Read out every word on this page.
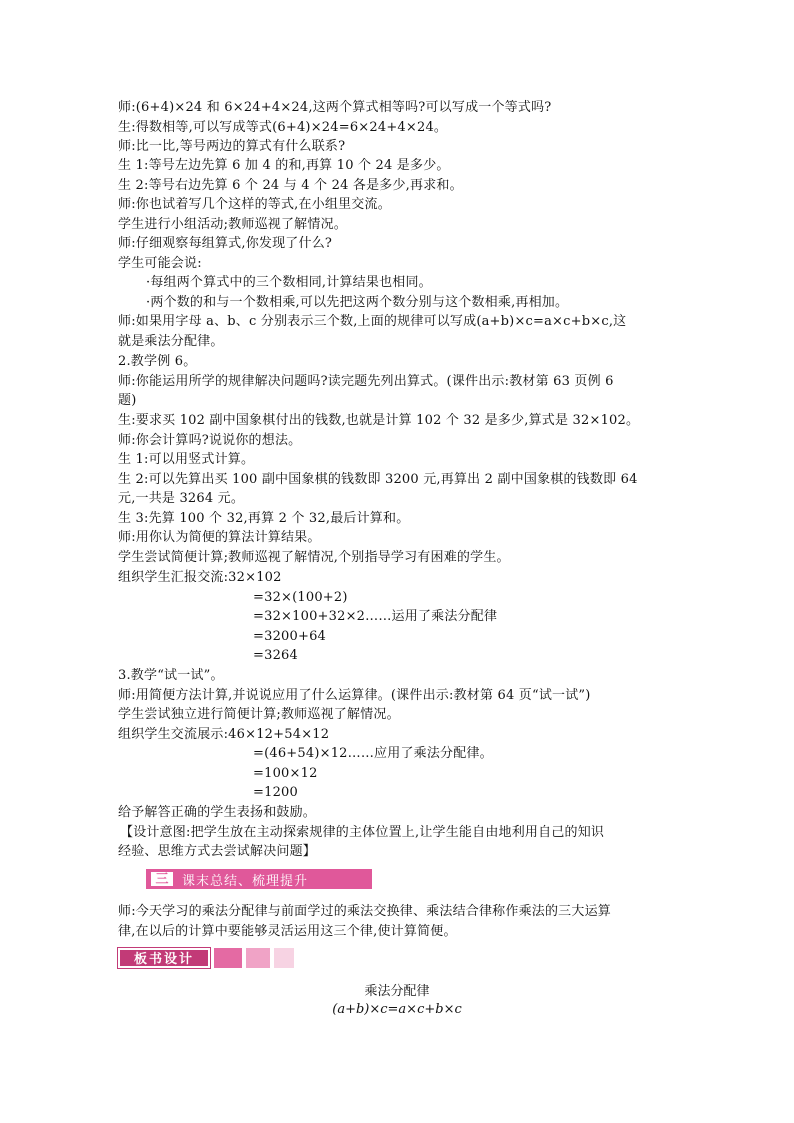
师:(6+4)×24 和 6×24+4×24,这两个算式相等吗?可以写成一个等式吗?
生:得数相等,可以写成等式(6+4)×24=6×24+4×24。
师:比一比,等号两边的算式有什么联系?
生 1:等号左边先算 6 加 4 的和,再算 10 个 24 是多少。
生 2:等号右边先算 6 个 24 与 4 个 24 各是多少,再求和。
师:你也试着写几个这样的等式,在小组里交流。
学生进行小组活动;教师巡视了解情况。
师:仔细观察每组算式,你发现了什么?
学生可能会说:
·每组两个算式中的三个数相同,计算结果也相同。
·两个数的和与一个数相乘,可以先把这两个数分别与这个数相乘,再相加。
师:如果用字母 a、b、c 分别表示三个数,上面的规律可以写成(a+b)×c=a×c+b×c,这
就是乘法分配律。
2.教学例 6。
师:你能运用所学的规律解决问题吗?读完题先列出算式。(课件出示:教材第 63 页例 6
题)
生:要求买 102 副中国象棋付出的钱数,也就是计算 102 个 32 是多少,算式是 32×102。
师:你会计算吗?说说你的想法。
生 1:可以用竖式计算。
生 2:可以先算出买 100 副中国象棋的钱数即 3200 元,再算出 2 副中国象棋的钱数即 64
元,一共是 3264 元。
生 3:先算 100 个 32,再算 2 个 32,最后计算和。
师:用你认为简便的算法计算结果。
学生尝试简便计算;教师巡视了解情况,个别指导学习有困难的学生。
组织学生汇报交流:32×102
=32×(100+2)
=32×100+32×2……运用了乘法分配律
=3200+64
=3264
3.教学“试一试”。
师:用简便方法计算,并说说应用了什么运算律。(课件出示:教材第 64 页“试一试”)
学生尝试独立进行简便计算;教师巡视了解情况。
组织学生交流展示:46×12+54×12
=(46+54)×12……应用了乘法分配律。
=100×12
=1200
给予解答正确的学生表扬和鼓励。
【设计意图:把学生放在主动探索规律的主体位置上,让学生能自由地利用自己的知识
经验、思维方式去尝试解决问题】
三	课末总结、梳理提升
师:今天学习的乘法分配律与前面学过的乘法交换律、乘法结合律称作乘法的三大运算
律,在以后的计算中要能够灵活运用这三个律,使计算简便。
板书设计
乘法分配律
(a+b)×c=a×c+b×c
